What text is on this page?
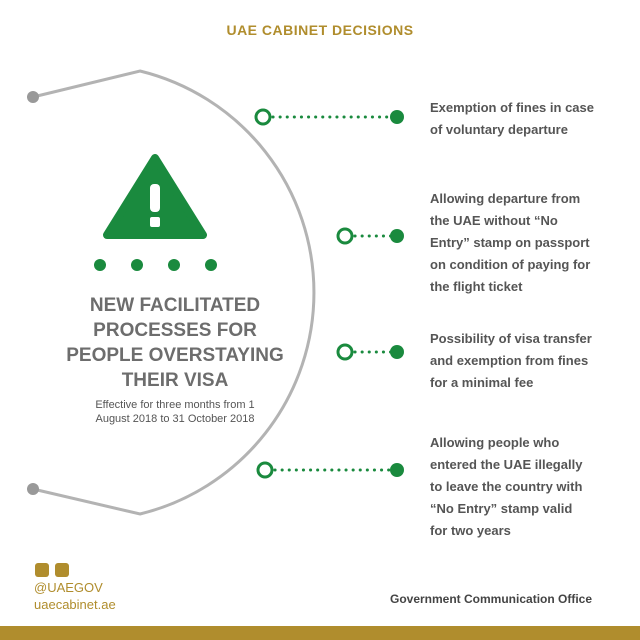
UAE CABINET DECISIONS
NEW FACILITATED
PROCESSES FOR
PEOPLE OVERSTAYING
THEIR VISA
Effective for three months from 1
August 2018 to 31 October 2018
Exemption of fines in case
of voluntary departure
Allowing departure from
the UAE without “No
Entry” stamp on passport
on condition of paying for
the flight ticket
Possibility of visa transfer
and exemption from fines
for a minimal fee
Allowing people who
entered the UAE illegally
to leave the country with
“No Entry” stamp valid
for two years
@UAEGOV
uaecabinet.ae	Government Communication Office
